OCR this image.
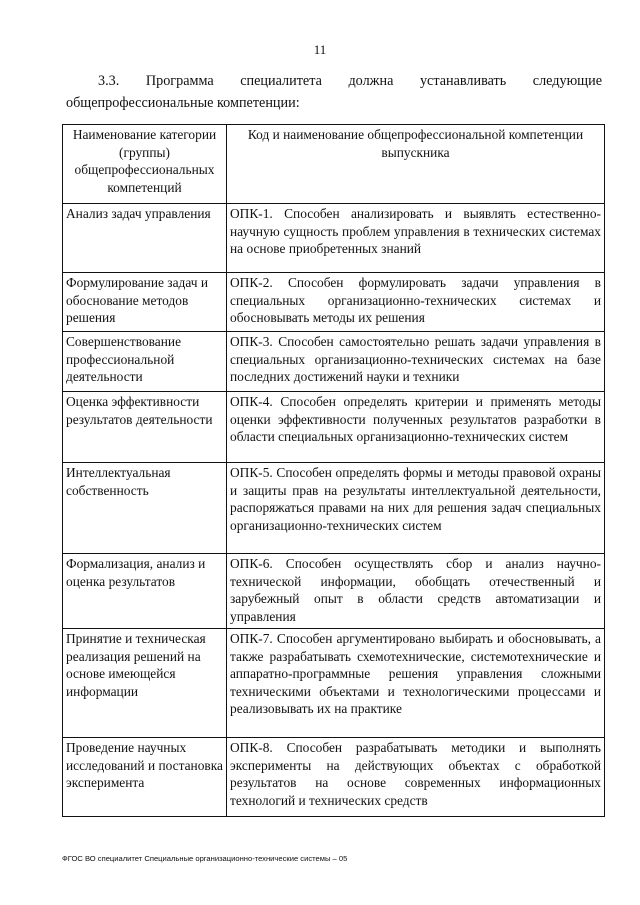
11
3.3. Программа специалитета должна устанавливать следующие
общепрофессиональные компетенции:
Наименование категории (группы) общепрофессиональных компетенций	Код и наименование общепрофессиональной компетенции выпускника
Анализ задач управления	ОПК-1. Способен анализировать и выявлять естественно-научную сущность проблем управления в технических системах на основе приобретенных знаний
Формулирование задач и обоснование методов решения	ОПК-2. Способен формулировать задачи управления в специальных организационно-технических системах и обосновывать методы их решения
Совершенствование профессиональной деятельности	ОПК-3. Способен самостоятельно решать задачи управления в специальных организационно-технических системах на базе последних достижений науки и техники
Оценка эффективности результатов деятельности	ОПК-4. Способен определять критерии и применять методы оценки эффективности полученных результатов разработки в области специальных организационно-технических систем
Интеллектуальная собственность	ОПК-5. Способен определять формы и методы правовой охраны и защиты прав на результаты интеллектуальной деятельности, распоряжаться правами на них для решения задач специальных организационно-технических систем
Формализация, анализ и оценка результатов	ОПК-6. Способен осуществлять сбор и анализ научно-технической информации, обобщать отечественный и зарубежный опыт в области средств автоматизации и управления
Принятие и техническая реализация решений на основе имеющейся информации	ОПК-7. Способен аргументировано выбирать и обосновывать, а также разрабатывать схемотехнические, системотехнические и аппаратно-программные решения управления сложными техническими объектами и технологическими процессами и реализовывать их на практике
Проведение научных исследований и постановка эксперимента	ОПК-8. Способен разрабатывать методики и выполнять эксперименты на действующих объектах с обработкой результатов на основе современных информационных технологий и технических средств
ФГОС ВО специалитет Специальные организационно-технические системы – 05
